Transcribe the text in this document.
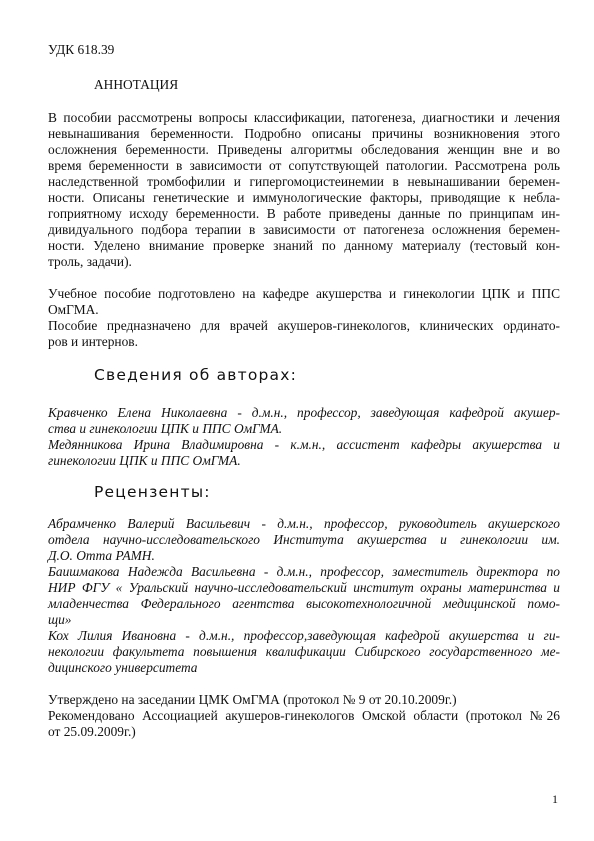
УДК 618.39
АННОТАЦИЯ
В пособии рассмотрены вопросы классификации, патогенеза, диагностики и лечения
невынашивания беременности. Подробно описаны причины возникновения этого
осложнения беременности. Приведены алгоритмы обследования женщин вне и во
время беременности в зависимости от сопутствующей патологии. Рассмотрена роль
наследственной тромбофилии и гипергомоцистеинемии в невынашивании беремен-
ности. Описаны генетические и иммунологические факторы, приводящие к небла-
гоприятному исходу беременности. В работе приведены данные по принципам ин-
дивидуального подбора терапии в зависимости от патогенеза осложнения беремен-
ности. Уделено внимание проверке знаний по данному материалу (тестовый кон-
троль, задачи).
Учебное пособие подготовлено на кафедре акушерства и гинекологии ЦПК и ППС
ОмГМА.
Пособие предназначено для врачей акушеров-гинекологов, клинических ординато-
ров и интернов.
Сведения об авторах:
Кравченко Елена Николаевна - д.м.н., профессор, заведующая кафедрой акушер-
ства и гинекологии ЦПК и ППС ОмГМА.
Медянникова Ирина Владимировна - к.м.н., ассистент кафедры акушерства и
гинекологии ЦПК и ППС ОмГМА.
Рецензенты:
Абрамченко Валерий Васильевич - д.м.н., профессор, руководитель акушерского
отдела научно-исследовательского Института акушерства и гинекологии им.
Д.О. Отта РАМН.
Баишмакова Надежда Васильевна - д.м.н., профессор, заместитель директора по
НИР ФГУ « Уральский научно-исследовательский институт охраны материнства и
младенчества Федерального агентства высокотехнологичной медицинской помо-
щи»
Кох Лилия Ивановна - д.м.н., профессор,заведующая кафедрой акушерства и ги-
некологии факультета повышения квалификации Сибирского государственного ме-
дицинского университета
Утверждено на заседании ЦМК ОмГМА (протокол № 9 от 20.10.2009г.)
Рекомендовано Ассоциацией акушеров-гинекологов Омской области (протокол №26
от 25.09.2009г.)
1
